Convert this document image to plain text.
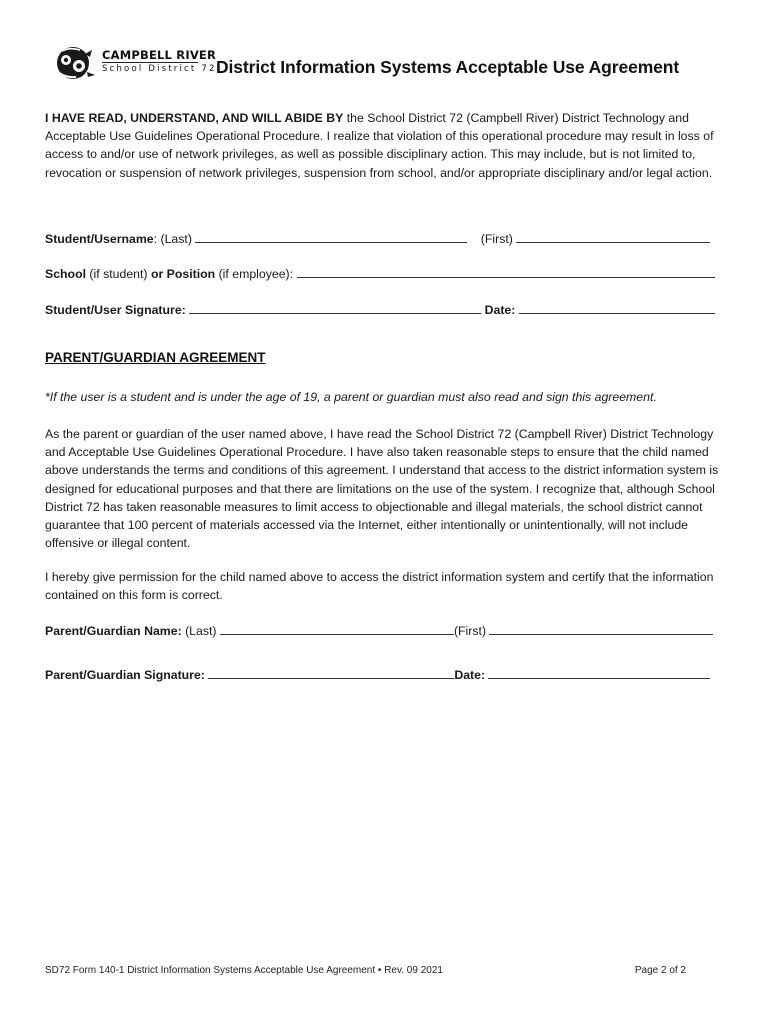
CAMPBELL RIVER
School District 72 District Information Systems Acceptable Use Agreement
I HAVE READ, UNDERSTAND, AND WILL ABIDE BY the School District 72 (Campbell River) District Technology and Acceptable Use Guidelines Operational Procedure. I realize that violation of this operational procedure may result in loss of access to and/or use of network privileges, as well as possible disciplinary action. This may include, but is not limited to, revocation or suspension of network privileges, suspension from school, and/or appropriate disciplinary and/or legal action.
Student/Username: (Last)	(First)
School (if student) or Position (if employee):
Student/User Signature:	Date:
PARENT/GUARDIAN AGREEMENT
*If the user is a student and is under the age of 19, a parent or guardian must also read and sign this agreement.
As the parent or guardian of the user named above, I have read the School District 72 (Campbell River) District Technology and Acceptable Use Guidelines Operational Procedure. I have also taken reasonable steps to ensure that the child named above understands the terms and conditions of this agreement. I understand that access to the district information system is designed for educational purposes and that there are limitations on the use of the system. I recognize that, although School District 72 has taken reasonable measures to limit access to objectionable and illegal materials, the school district cannot guarantee that 100 percent of materials accessed via the Internet, either intentionally or unintentionally, will not include offensive or illegal content.
I hereby give permission for the child named above to access the district information system and certify that the information contained on this form is correct.
Parent/Guardian Name: (Last)	(First)
Parent/Guardian Signature:	Date:
SD72 Form 140-1 District Information Systems Acceptable Use Agreement • Rev. 09 2021	Page 2 of 2
